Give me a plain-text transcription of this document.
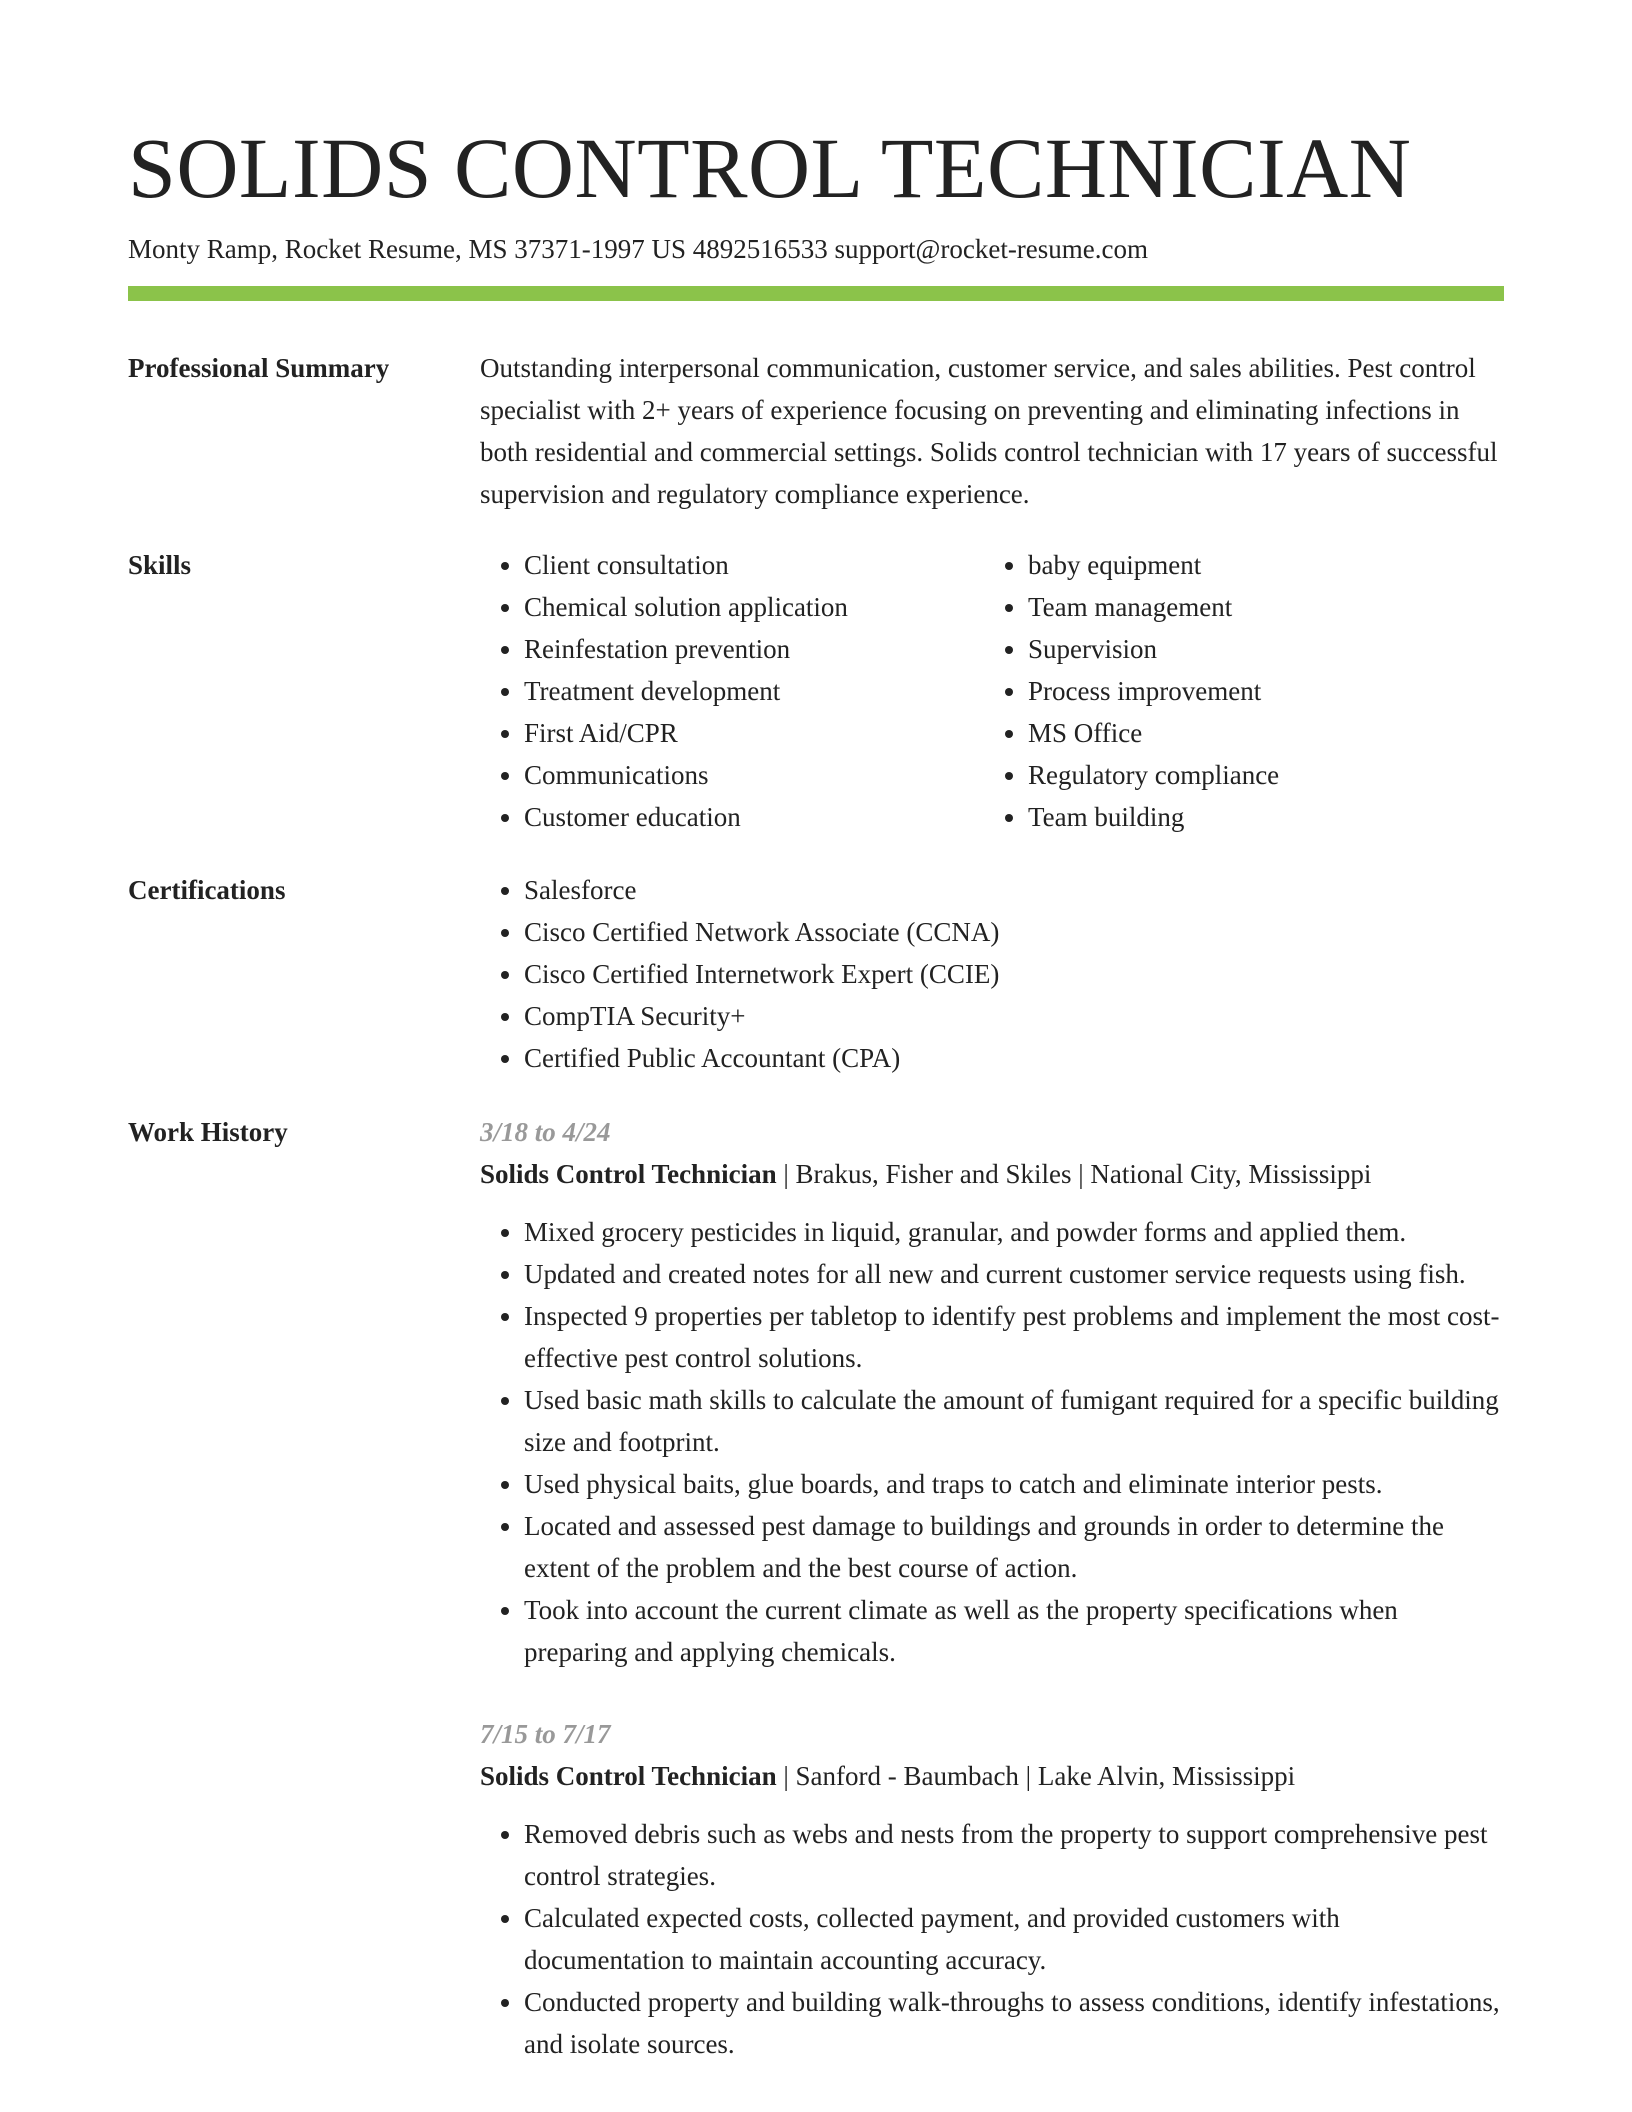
SOLIDS CONTROL TECHNICIAN
Monty Ramp, Rocket Resume, MS 37371-1997 US 4892516533 support@rocket-resume.com
Professional Summary	Outstanding interpersonal communication, customer service, and sales abilities. Pest control specialist with 2+ years of experience focusing on preventing and eliminating infections in both residential and commercial settings. Solids control technician with 17 years of successful supervision and regulatory compliance experience.

Skills	• Client consultation
• Chemical solution application
• Reinfestation prevention
• Treatment development
• First Aid/CPR
• Communications
• Customer education
• baby equipment
• Team management
• Supervision
• Process improvement
• MS Office
• Regulatory compliance
• Team building
Certifications	• Salesforce
• Cisco Certified Network Associate (CCNA)
• Cisco Certified Internetwork Expert (CCIE)
• CompTIA Security+
• Certified Public Accountant (CPA)
Work History	3/18 to 4/24
Solids Control Technician | Brakus, Fisher and Skiles | National City, Mississippi
• Mixed grocery pesticides in liquid, granular, and powder forms and applied them.
• Updated and created notes for all new and current customer service requests using fish.
• Inspected 9 properties per tabletop to identify pest problems and implement the most cost-effective pest control solutions.
• Used basic math skills to calculate the amount of fumigant required for a specific building size and footprint.
• Used physical baits, glue boards, and traps to catch and eliminate interior pests.
• Located and assessed pest damage to buildings and grounds in order to determine the extent of the problem and the best course of action.
• Took into account the current climate as well as the property specifications when preparing and applying chemicals.
7/15 to 7/17
Solids Control Technician | Sanford - Baumbach | Lake Alvin, Mississippi
• Removed debris such as webs and nests from the property to support comprehensive pest control strategies.
• Calculated expected costs, collected payment, and provided customers with documentation to maintain accounting accuracy.
• Conducted property and building walk-throughs to assess conditions, identify infestations, and isolate sources.
